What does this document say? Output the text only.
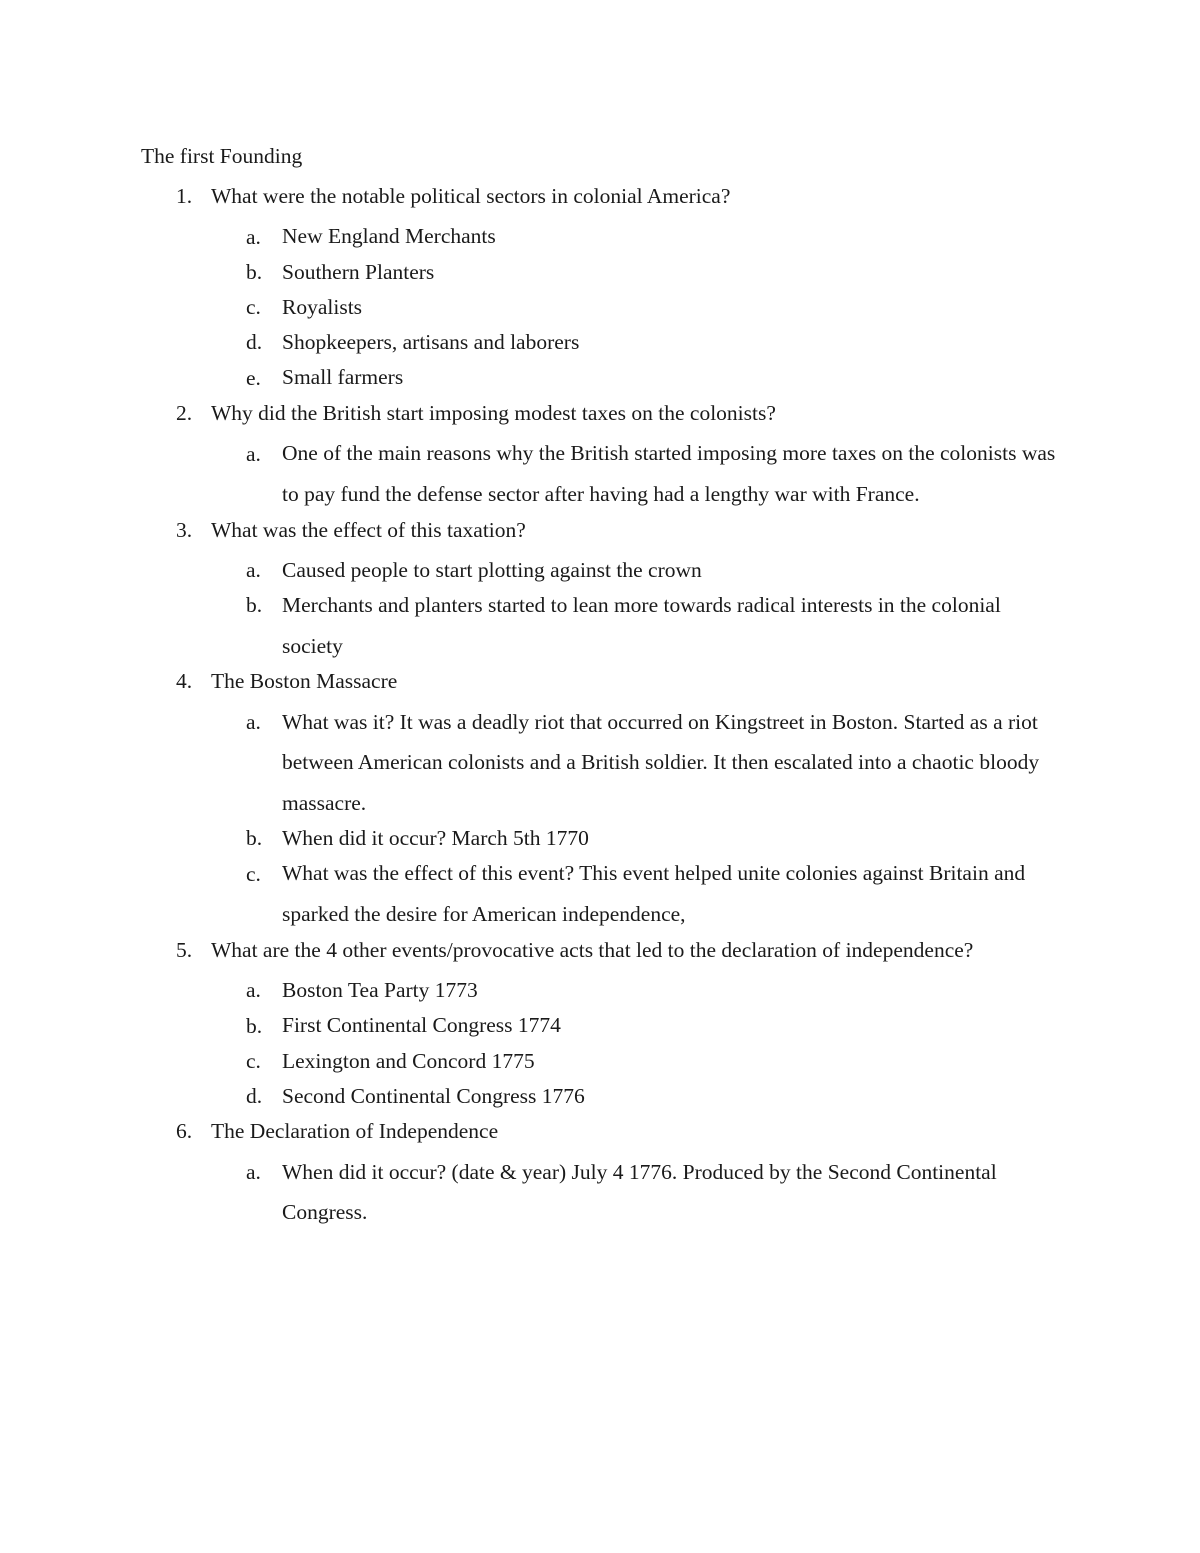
The first Founding
1. What were the notable political sectors in colonial America?
a. New England Merchants
b. Southern Planters
c. Royalists
d. Shopkeepers, artisans and laborers
e. Small farmers
2. Why did the British start imposing modest taxes on the colonists?
a. One of the main reasons why the British started imposing more taxes on the colonists was to pay fund the defense sector after having had a lengthy war with France.
3. What was the effect of this taxation?
a. Caused people to start plotting against the crown
b. Merchants and planters started to lean more towards radical interests in the colonial society
4. The Boston Massacre
a. What was it? It was a deadly riot that occurred on Kingstreet in Boston. Started as a riot between American colonists and a British soldier. It then escalated into a chaotic bloody massacre.
b. When did it occur? March 5th 1770
c. What was the effect of this event? This event helped unite colonies against Britain and sparked the desire for American independence,
5. What are the 4 other events/provocative acts that led to the declaration of independence?
a. Boston Tea Party 1773
b. First Continental Congress 1774
c. Lexington and Concord 1775
d. Second Continental Congress 1776
6. The Declaration of Independence
a. When did it occur? (date & year) July 4 1776. Produced by the Second Continental Congress.
